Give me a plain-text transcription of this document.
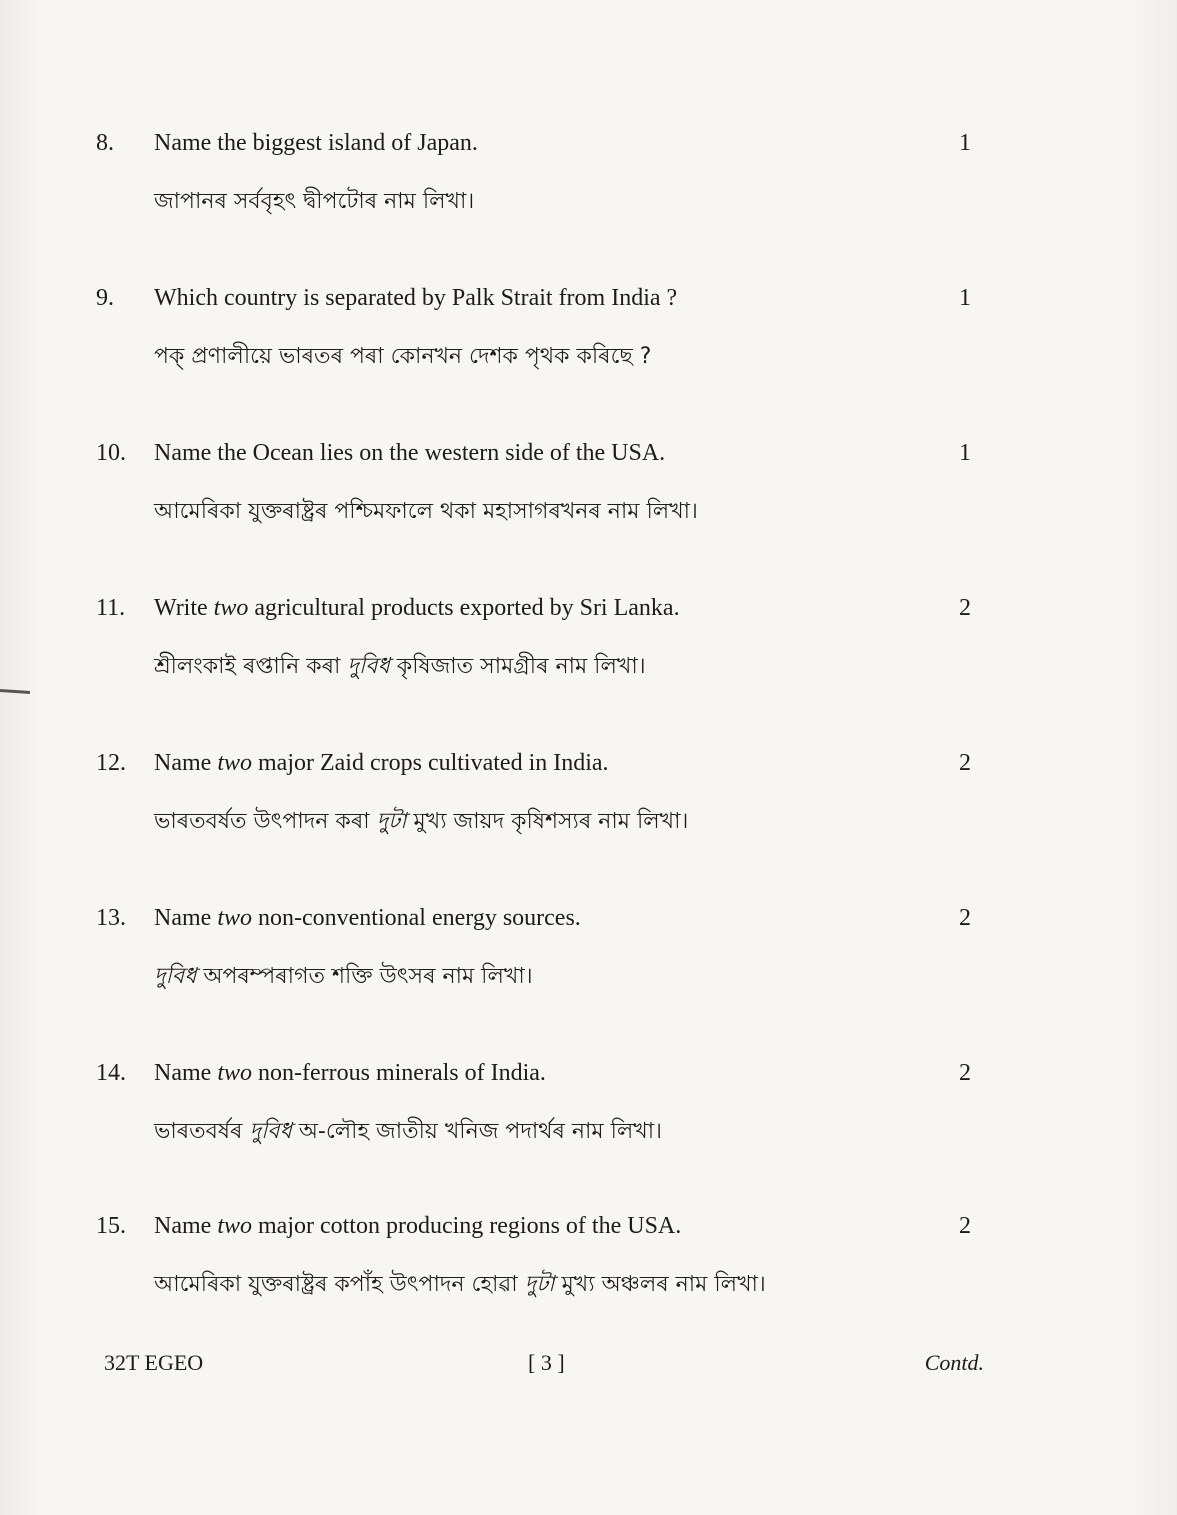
8. Name the biggest island of Japan.	1
জাপানৰ সৰ্ববৃহৎ দ্বীপটোৰ নাম লিখা।
9. Which country is separated by Palk Strait from India ?	1
পক্ প্ৰণালীয়ে ভাৰতৰ পৰা কোনখন দেশক পৃথক কৰিছে ?
10. Name the Ocean lies on the western side of the USA.	1
আমেৰিকা যুক্তৰাষ্ট্ৰৰ পশ্চিমফালে থকা মহাসাগৰখনৰ নাম লিখা।
11. Write two agricultural products exported by Sri Lanka.	2
শ্ৰীলংকাই ৰপ্তানি কৰা দুবিধ কৃষিজাত সামগ্ৰীৰ নাম লিখা।
12. Name two major Zaid crops cultivated in India.	2
ভাৰতবৰ্ষত উৎপাদন কৰা দুটা মুখ্য জায়দ কৃষিশস্যৰ নাম লিখা।
13. Name two non-conventional energy sources.	2
দুবিধ অপৰম্পৰাগত শক্তি উৎসৰ নাম লিখা।
14. Name two non-ferrous minerals of India.	2
ভাৰতবৰ্ষৰ দুবিধ অ-লৌহ জাতীয় খনিজ পদাৰ্থৰ নাম লিখা।
15. Name two major cotton producing regions of the USA.	2
আমেৰিকা যুক্তৰাষ্ট্ৰৰ কপাঁহ উৎপাদন হোৱা দুটা মুখ্য অঞ্চলৰ নাম লিখা।
32T EGEO	[ 3 ]	Contd.
